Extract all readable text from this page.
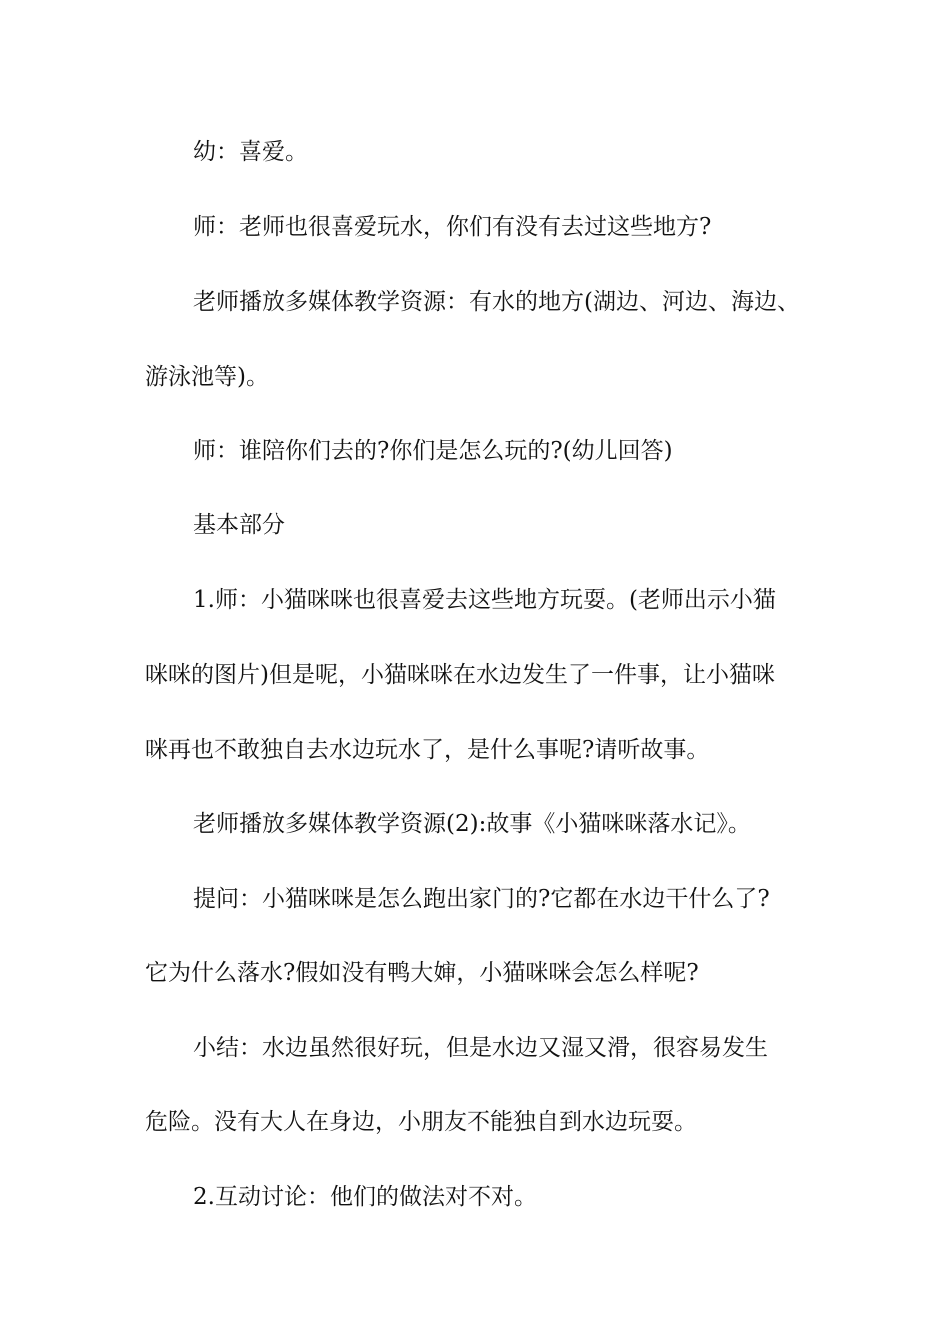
幼：喜爱。
师：老师也很喜爱玩水，你们有没有去过这些地方?
老师播放多媒体教学资源：有水的地方(湖边、河边、海边、
游泳池等)。
师：谁陪你们去的?你们是怎么玩的?(幼儿回答)
基本部分
1.师：小猫咪咪也很喜爱去这些地方玩耍。(老师出示小猫
咪咪的图片)但是呢，小猫咪咪在水边发生了一件事，让小猫咪
咪再也不敢独自去水边玩水了，是什么事呢?请听故事。
老师播放多媒体教学资源(2):故事《小猫咪咪落水记》。
提问：小猫咪咪是怎么跑出家门的?它都在水边干什么了?
它为什么落水?假如没有鸭大婶，小猫咪咪会怎么样呢?
小结：水边虽然很好玩，但是水边又湿又滑，很容易发生
危险。没有大人在身边，小朋友不能独自到水边玩耍。
2.互动讨论：他们的做法对不对。
